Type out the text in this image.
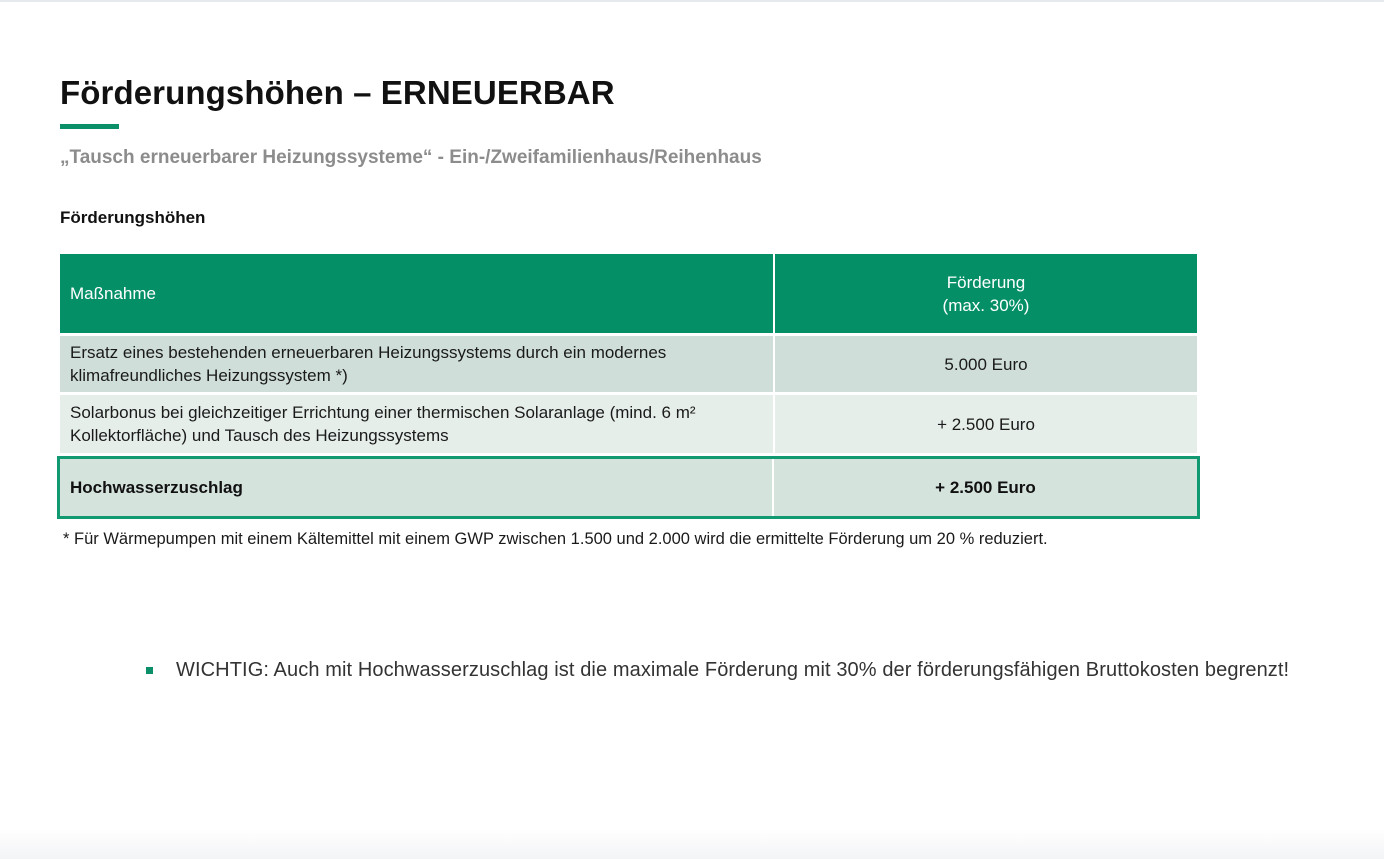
Förderungshöhen – ERNEUERBAR
„Tausch erneuerbarer Heizungssysteme“ - Ein-/Zweifamilienhaus/Reihenhaus
Förderungshöhen
Maßnahme	Förderung
(max. 30%)
Ersatz eines bestehenden erneuerbaren Heizungssystems durch ein modernes klimafreundliches Heizungssystem *)	5.000 Euro
Solarbonus bei gleichzeitiger Errichtung einer thermischen Solaranlage (mind. 6 m² Kollektorfläche) und Tausch des Heizungssystems	+ 2.500 Euro
Hochwasserzuschlag	+ 2.500 Euro
* Für Wärmepumpen mit einem Kältemittel mit einem GWP zwischen 1.500 und 2.000 wird die ermittelte Förderung um 20 % reduziert.
WICHTIG: Auch mit Hochwasserzuschlag ist die maximale Förderung mit 30% der förderungsfähigen Bruttokosten begrenzt!
